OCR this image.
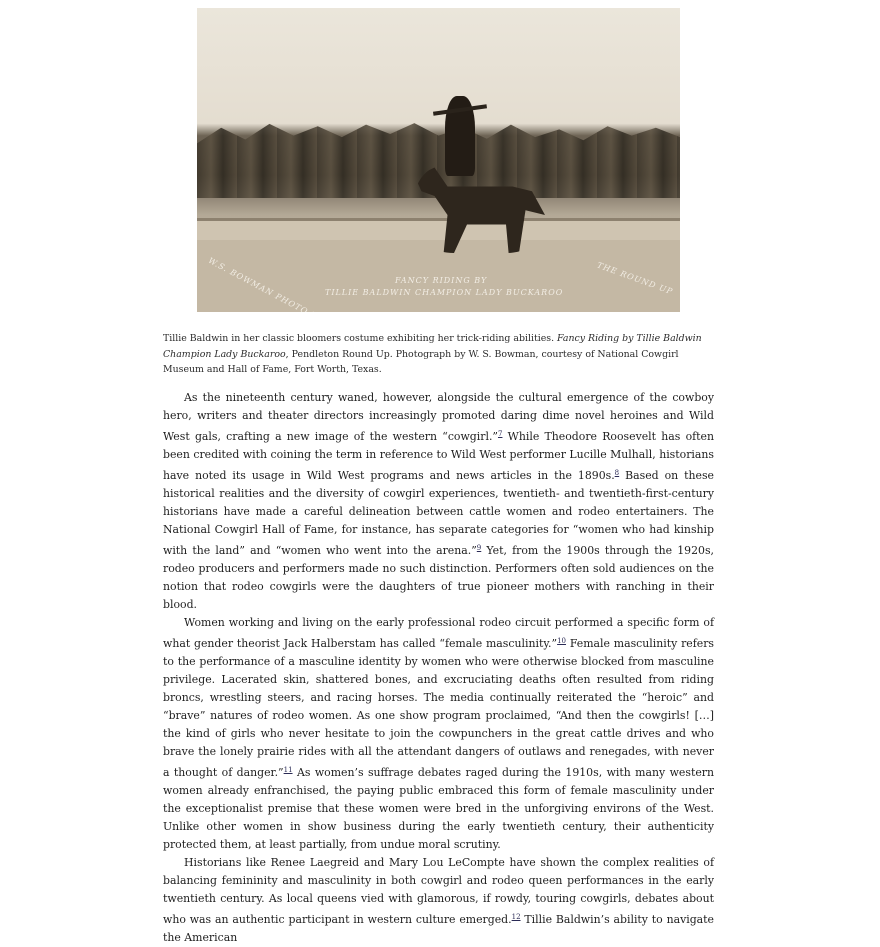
FANCY RIDING BY
TILLIE BALDWIN CHAMPION LADY BUCKAROO	THE ROUND UP
Tillie Baldwin in her classic bloomers costume exhibiting her trick-riding abilities. Fancy Riding by Tillie Baldwin Champion Lady Buckaroo, Pendleton Round Up. Photograph by W. S. Bowman, courtesy of National Cowgirl Museum and Hall of Fame, Fort Worth, Texas.

As the nineteenth century waned, however, alongside the cultural emergence of the cowboy hero, writers and theater directors increasingly promoted daring dime novel heroines and Wild West gals, crafting a new image of the western “cowgirl.”$^7$ While Theodore Roosevelt has often been credited with coining the term in reference to Wild West performer Lucille Mulhall, historians have noted its usage in Wild West programs and news articles in the 1890s.$^8$ Based on these historical realities and the diversity of cowgirl experiences, twentieth- and twentieth-first-century historians have made a careful delineation between cattle women and rodeo entertainers. The National Cowgirl Hall of Fame, for instance, has separate categories for “women who had kinship with the land” and “women who went into the arena.”$^9$ Yet, from the 1900s through the 1920s, rodeo producers and performers made no such distinction. Performers often sold audiences on the notion that rodeo cowgirls were the daughters of true pioneer mothers with ranching in their blood.

Women working and living on the early professional rodeo circuit performed a specific form of what gender theorist Jack Halberstam has called “female masculinity.”$^{10}$ Female masculinity refers to the performance of a masculine identity by women who were otherwise blocked from masculine privilege. Lacerated skin, shattered bones, and excruciating deaths often resulted from riding broncs, wrestling steers, and racing horses. The media continually reiterated the “heroic” and “brave” natures of rodeo women. As one show program proclaimed, “And then the cowgirls! […] the kind of girls who never hesitate to join the cowpunchers in the great cattle drives and who brave the lonely prairie rides with all the attendant dangers of outlaws and renegades, with never a thought of danger.”$^{11}$ As women’s suffrage debates raged during the 1910s, with many western women already enfranchised, the paying public embraced this form of female masculinity under the exceptionalist premise that these women were bred in the unforgiving environs of the West. Unlike other women in show business during the early twentieth century, their authenticity protected them, at least partially, from undue moral scrutiny.

Historians like Renee Laegreid and Mary Lou LeCompte have shown the complex realities of balancing femininity and masculinity in both cowgirl and rodeo queen performances in the early twentieth century. As local queens vied with glamorous, if rowdy, touring cowgirls, debates about who was an authentic participant in western culture emerged.$^{12}$ Tillie Baldwin’s ability to navigate the American
